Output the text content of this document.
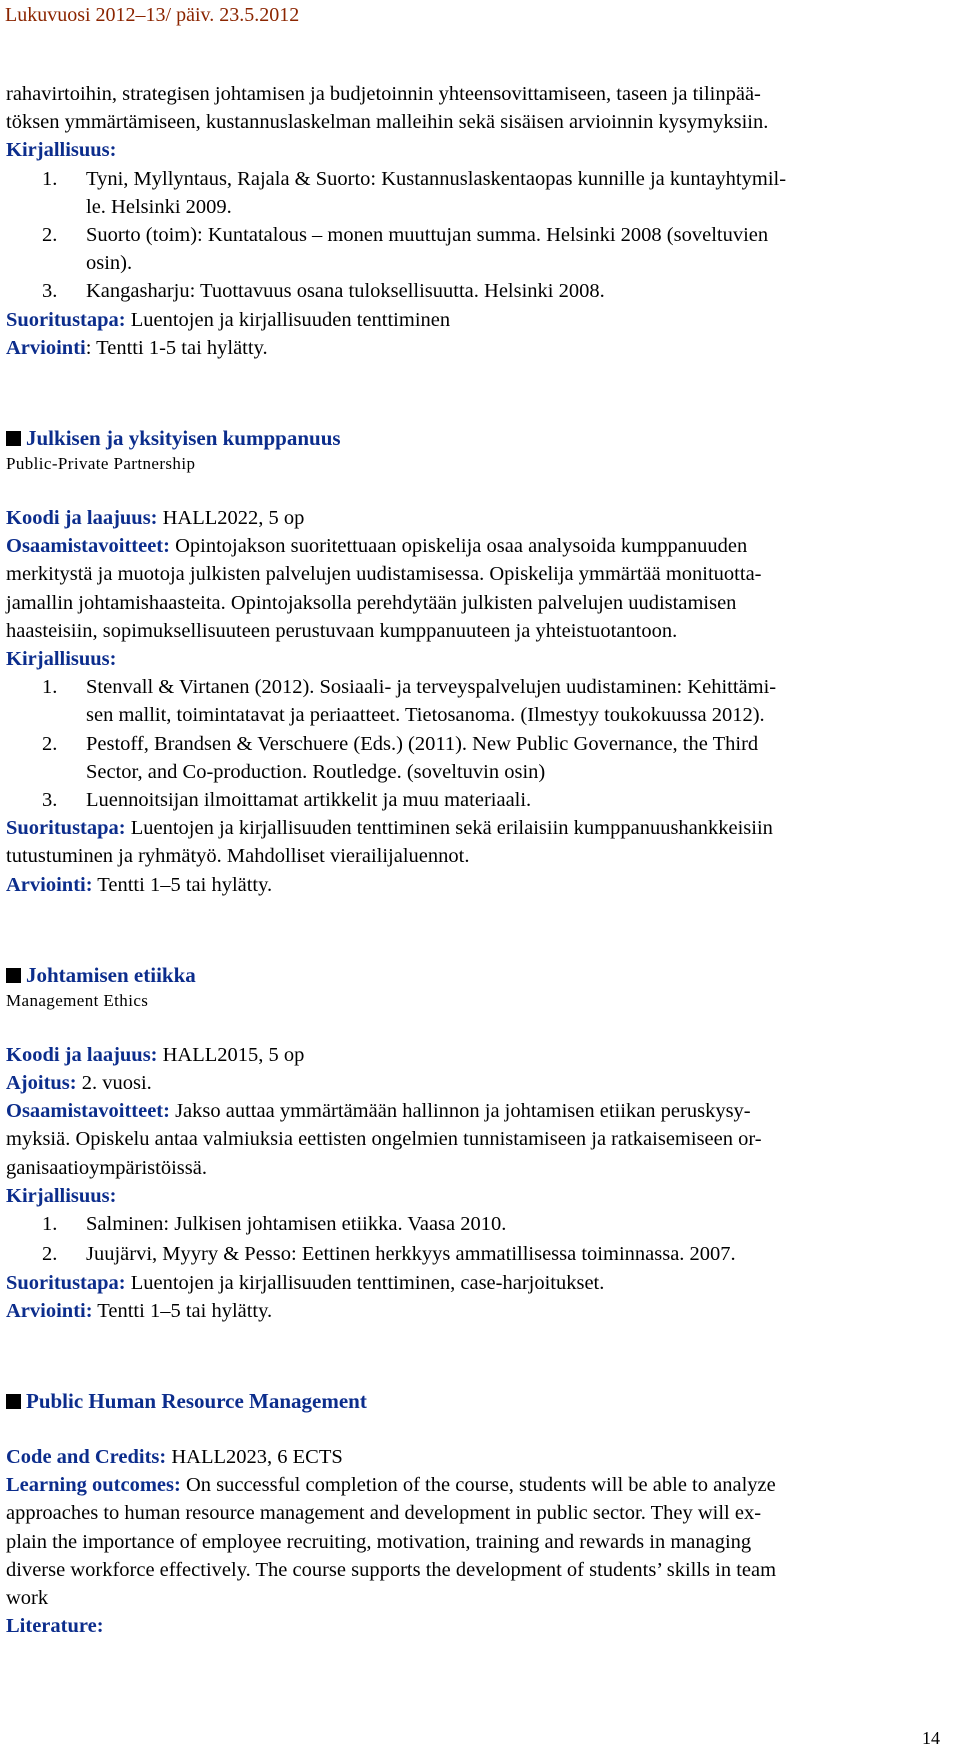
Lukuvuosi 2012–13/ päiv. 23.5.2012

rahavirtoihin, strategisen johtamisen ja budjetoinnin yhteensovittamiseen, taseen ja tilinpää-

töksen ymmärtämiseen, kustannuslaskelman malleihin sekä sisäisen arvioinnin kysymyksiin.

Kirjallisuus:

1. Tyni, Myllyntaus, Rajala & Suorto: Kustannuslaskentaopas kunnille ja kuntayhtymil-
le. Helsinki 2009.
2. Suorto (toim): Kuntatalous – monen muuttujan summa. Helsinki 2008 (soveltuvien
osin).
3. Kangasharju: Tuottavuus osana tuloksellisuutta. Helsinki 2008.

Suoritustapa: Luentojen ja kirjallisuuden tenttiminen

Arviointi: Tentti 1-5 tai hylätty.

Julkisen ja yksityisen kumppanuus

Public-Private Partnership

Koodi ja laajuus: HALL2022, 5 op

Osaamistavoitteet: Opintojakson suoritettuaan opiskelija osaa analysoida kumppanuuden
merkitystä ja muotoja julkisten palvelujen uudistamisessa. Opiskelija ymmärtää monituotta-
jamallin johtamishaasteita. Opintojaksolla perehdytään julkisten palvelujen uudistamisen
haasteisiin, sopimuksellisuuteen perustuvaan kumppanuuteen ja yhteistuotantoon.

Kirjallisuus:

1. Stenvall & Virtanen (2012). Sosiaali- ja terveyspalvelujen uudistaminen: Kehittämi-
sen mallit, toimintatavat ja periaatteet. Tietosanoma. (Ilmestyy toukokuussa 2012).
2. Pestoff, Brandsen & Verschuere (Eds.) (2011). New Public Governance, the Third
Sector, and Co-production. Routledge. (soveltuvin osin)
3. Luennoitsijan ilmoittamat artikkelit ja muu materiaali.

Suoritustapa: Luentojen ja kirjallisuuden tenttiminen sekä erilaisiin kumppanuushankkeisiin
tutustuminen ja ryhmätyö. Mahdolliset vierailijaluennot.

Arviointi: Tentti 1–5 tai hylätty.

Johtamisen etiikka

Management Ethics

Koodi ja laajuus: HALL2015, 5 op

Ajoitus: 2. vuosi.

Osaamistavoitteet: Jakso auttaa ymmärtämään hallinnon ja johtamisen etiikan peruskysy-
myksiä. Opiskelu antaa valmiuksia eettisten ongelmien tunnistamiseen ja ratkaisemiseen or-
ganisaatioympäristöissä.

Kirjallisuus:

1. Salminen: Julkisen johtamisen etiikka. Vaasa 2010.
2. Juujärvi, Myyry & Pesso: Eettinen herkkyys ammatillisessa toiminnassa. 2007.

Suoritustapa: Luentojen ja kirjallisuuden tenttiminen, case-harjoitukset.

Arviointi: Tentti 1–5 tai hylätty.

Public Human Resource Management

Code and Credits: HALL2023, 6 ECTS

Learning outcomes: On successful completion of the course, students will be able to analyze
approaches to human resource management and development in public sector. They will ex-
plain the importance of employee recruiting, motivation, training and rewards in managing
diverse workforce effectively. The course supports the development of students’ skills in team
work

Literature:

14
